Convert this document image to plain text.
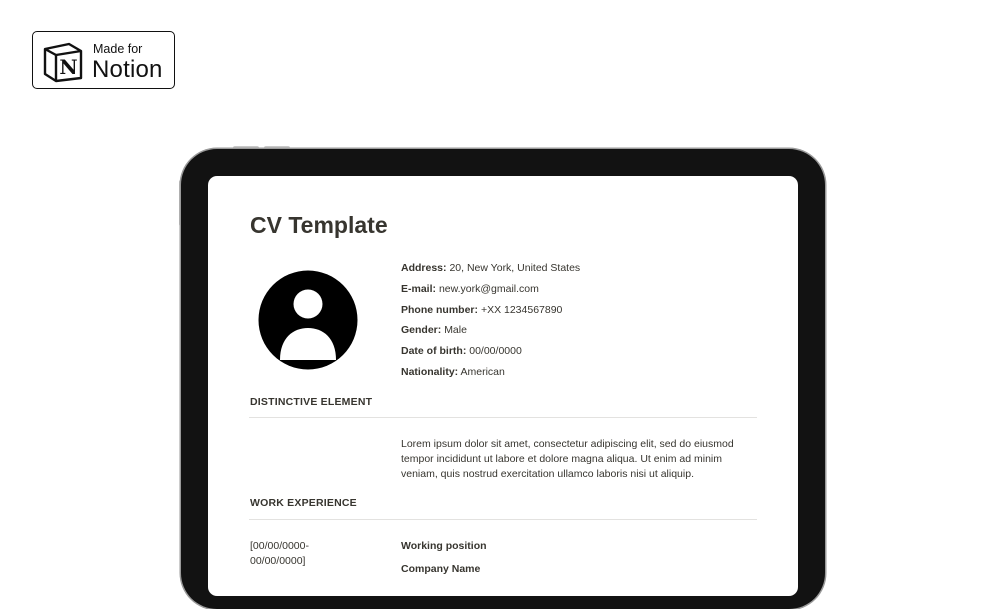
N
Made for
Notion
CV Template
Address: 20, New York, United States
E-mail: new.york@gmail.com
Phone number: +XX 1234567890
Gender: Male
Date of birth: 00/00/0000
Nationality: American
DISTINCTIVE ELEMENT

Lorem ipsum dolor sit amet, consectetur adipiscing elit, sed do eiusmod tempor incididunt ut labore et dolore magna aliqua. Ut enim ad minim veniam, quis nostrud exercitation ullamco laboris nisi ut aliquip.

WORK EXPERIENCE
[00/00/0000- 00/00/0000]
Working position
Company Name
